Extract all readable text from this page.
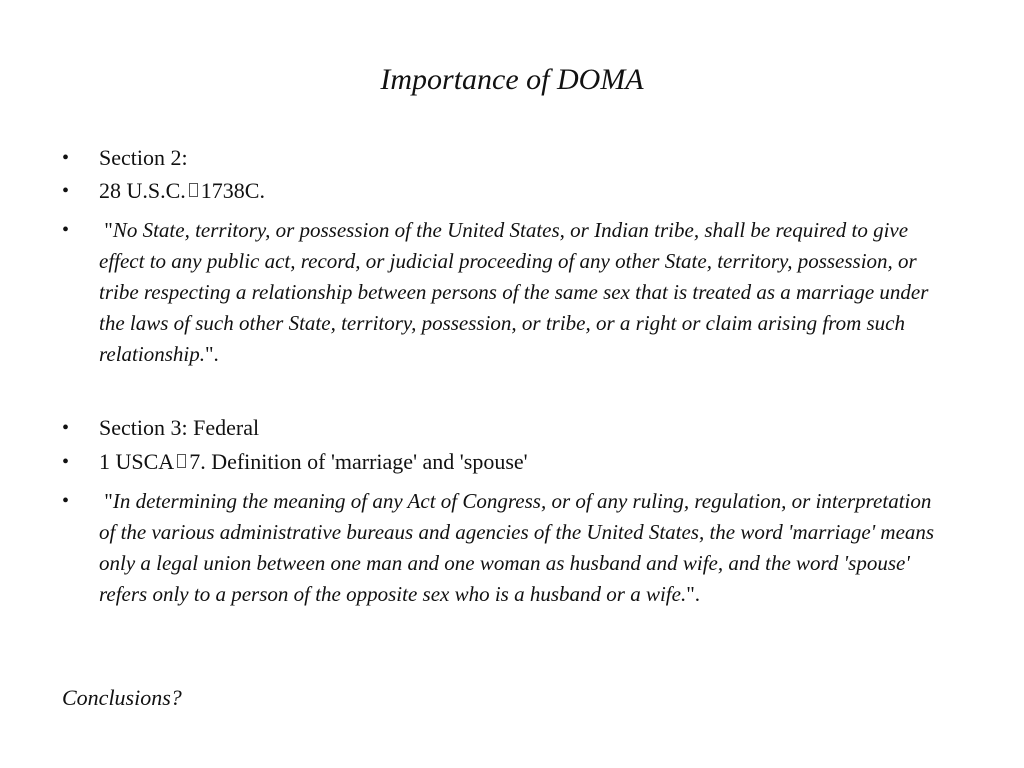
Importance of DOMA
•	Section 2:
•	28 U.S.C. 1738C.
•	"No State, territory, or possession of the United States, or Indian tribe, shall be required to give effect to any public act, record, or judicial proceeding of any other State, territory, possession, or tribe respecting a relationship between persons of the same sex that is treated as a marriage under the laws of such other State, territory, possession, or tribe, or a right or claim arising from such relationship.".
•	Section 3: Federal
•	1 USCA 7. Definition of 'marriage' and 'spouse'
•	"In determining the meaning of any Act of Congress, or of any ruling, regulation, or interpretation of the various administrative bureaus and agencies of the United States, the word 'marriage' means only a legal union between one man and one woman as husband and wife, and the word 'spouse' refers only to a person of the opposite sex who is a husband or a wife.".
Conclusions?
